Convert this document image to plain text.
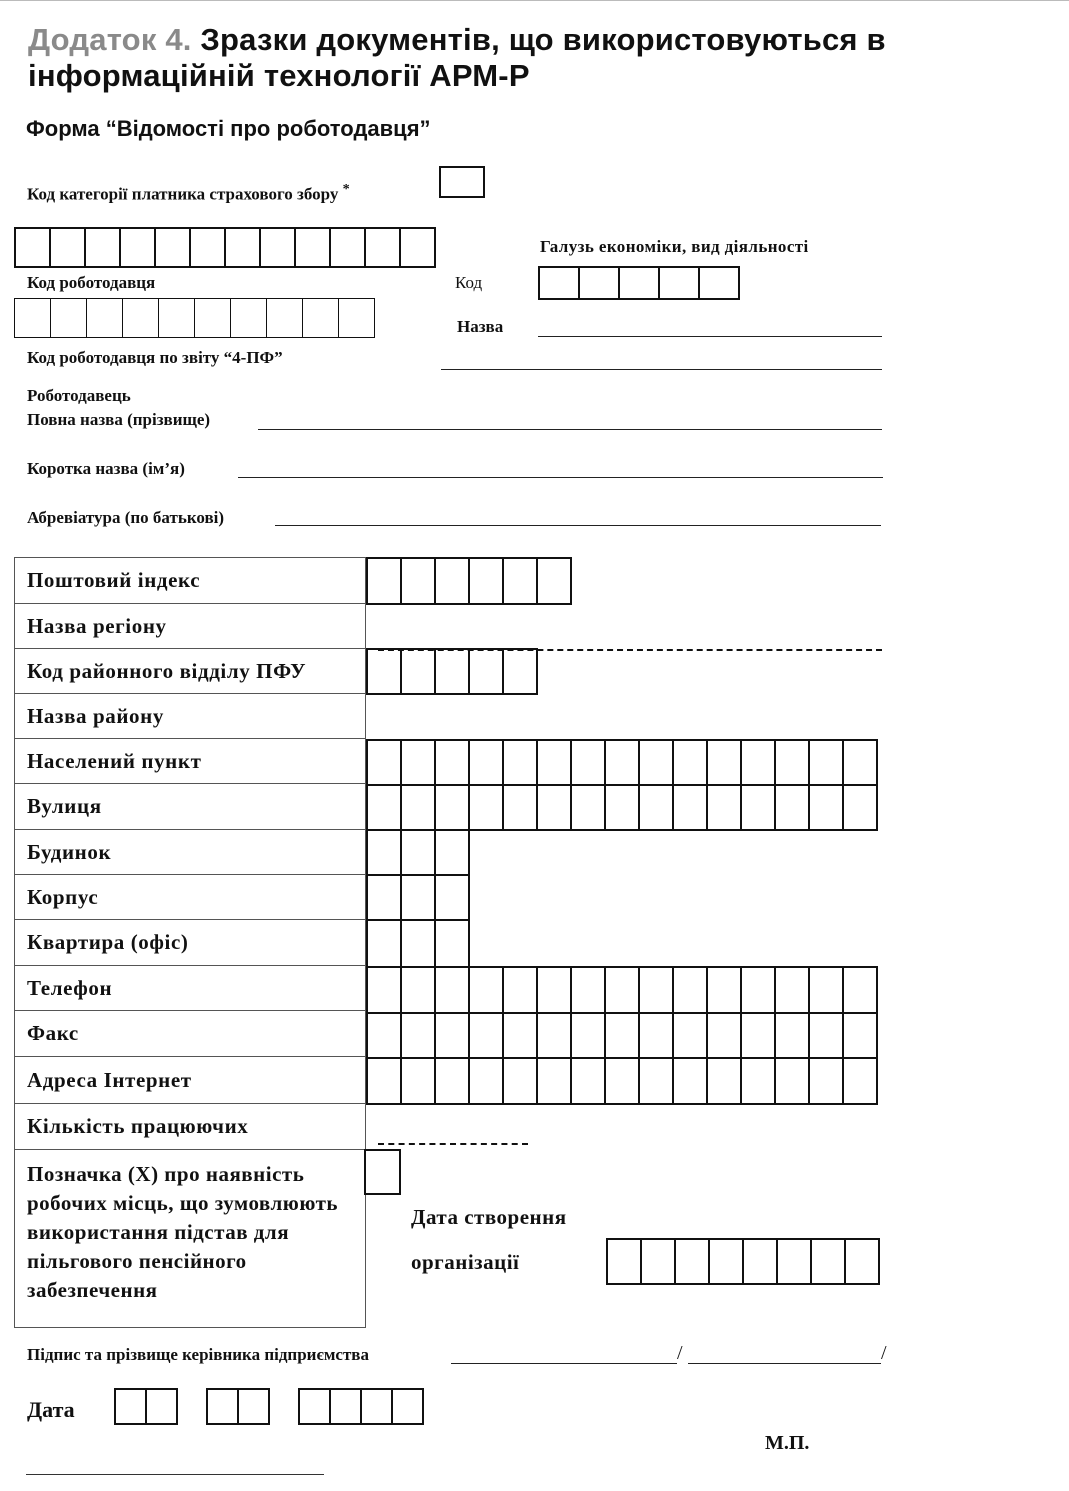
Додаток 4. Зразки документів, що використовуються в
інформаційній технології АРМ-Р
Форма “Відомості про роботодавця”
Код категорії платника страхового збору *
Код роботодавця
Код роботодавця по звіту “4-ПФ”
Галузь економіки, вид діяльності
Код
Назва
Роботодавець
Повна назва (прізвище)
Коротка назва (ім’я)
Абревіатура (по батькові)
Поштовий індекс
Назва регіону
Код районного відділу ПФУ
Назва району
Населений пункт
Вулиця
Будинок
Корпус
Квартира (офіс)
Телефон
Факс
Адреса Інтернет
Кількість працюючих
Позначка (Х) про наявність робочих місць, що зумовлюють використання підстав для пільгового пенсійного забезпечення
Дата створення
організації
Підпис та прізвище керівника підприємства	/	/
Дата
М.П.
